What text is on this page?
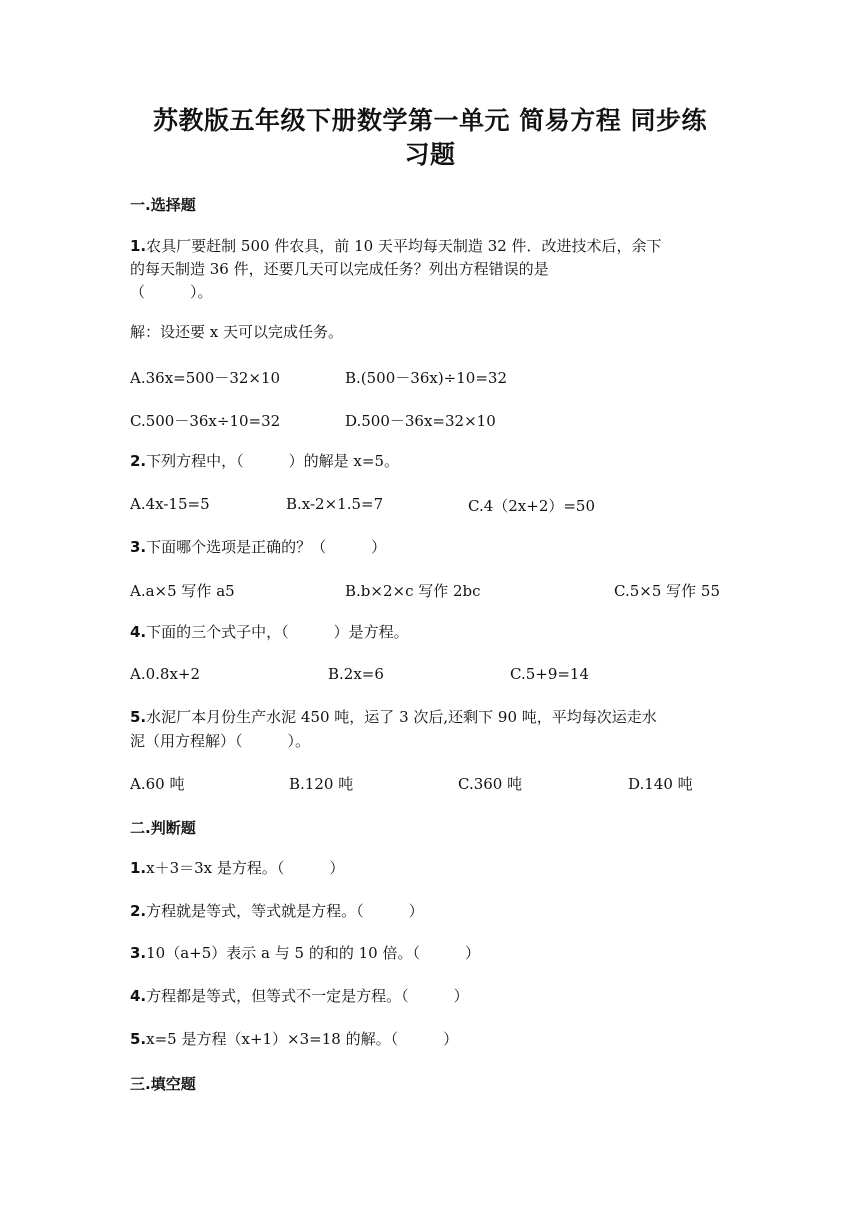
苏教版五年级下册数学第一单元 简易方程 同步练
习题
一.选择题
1.农具厂要赶制 500 件农具，前 10 天平均每天制造 32 件．改进技术后，余下
的每天制造 36 件，还要几天可以完成任务？列出方程错误的是
（　　　）。
解：设还要 x 天可以完成任务。
A.36x=500－32×10	B.(500－36x)÷10=32
C.500－36x÷10=32	D.500－36x=32×10
2.下列方程中，（　　　）的解是 x=5。
A.4x-15=5	B.x-2×1.5=7	C.4（2x+2）=50
3.下面哪个选项是正确的？（　　　）
A.a×5 写作 a5	B.b×2×c 写作 2bc	C.5×5 写作 55
4.下面的三个式子中，（　　　）是方程。
A.0.8x+2	B.2x=6	C.5+9=14
5.水泥厂本月份生产水泥 450 吨，运了 3 次后,还剩下 90 吨，平均每次运走水
泥（用方程解）（　　　）。
A.60 吨	B.120 吨	C.360 吨	D.140 吨
二.判断题
1.x＋3＝3x 是方程。（　　　）
2.方程就是等式，等式就是方程。（　　　）
3.10（a+5）表示 a 与 5 的和的 10 倍。（　　　）
4.方程都是等式，但等式不一定是方程。（　　　）
5.x=5 是方程（x+1）×3=18 的解。（　　　）
三.填空题
